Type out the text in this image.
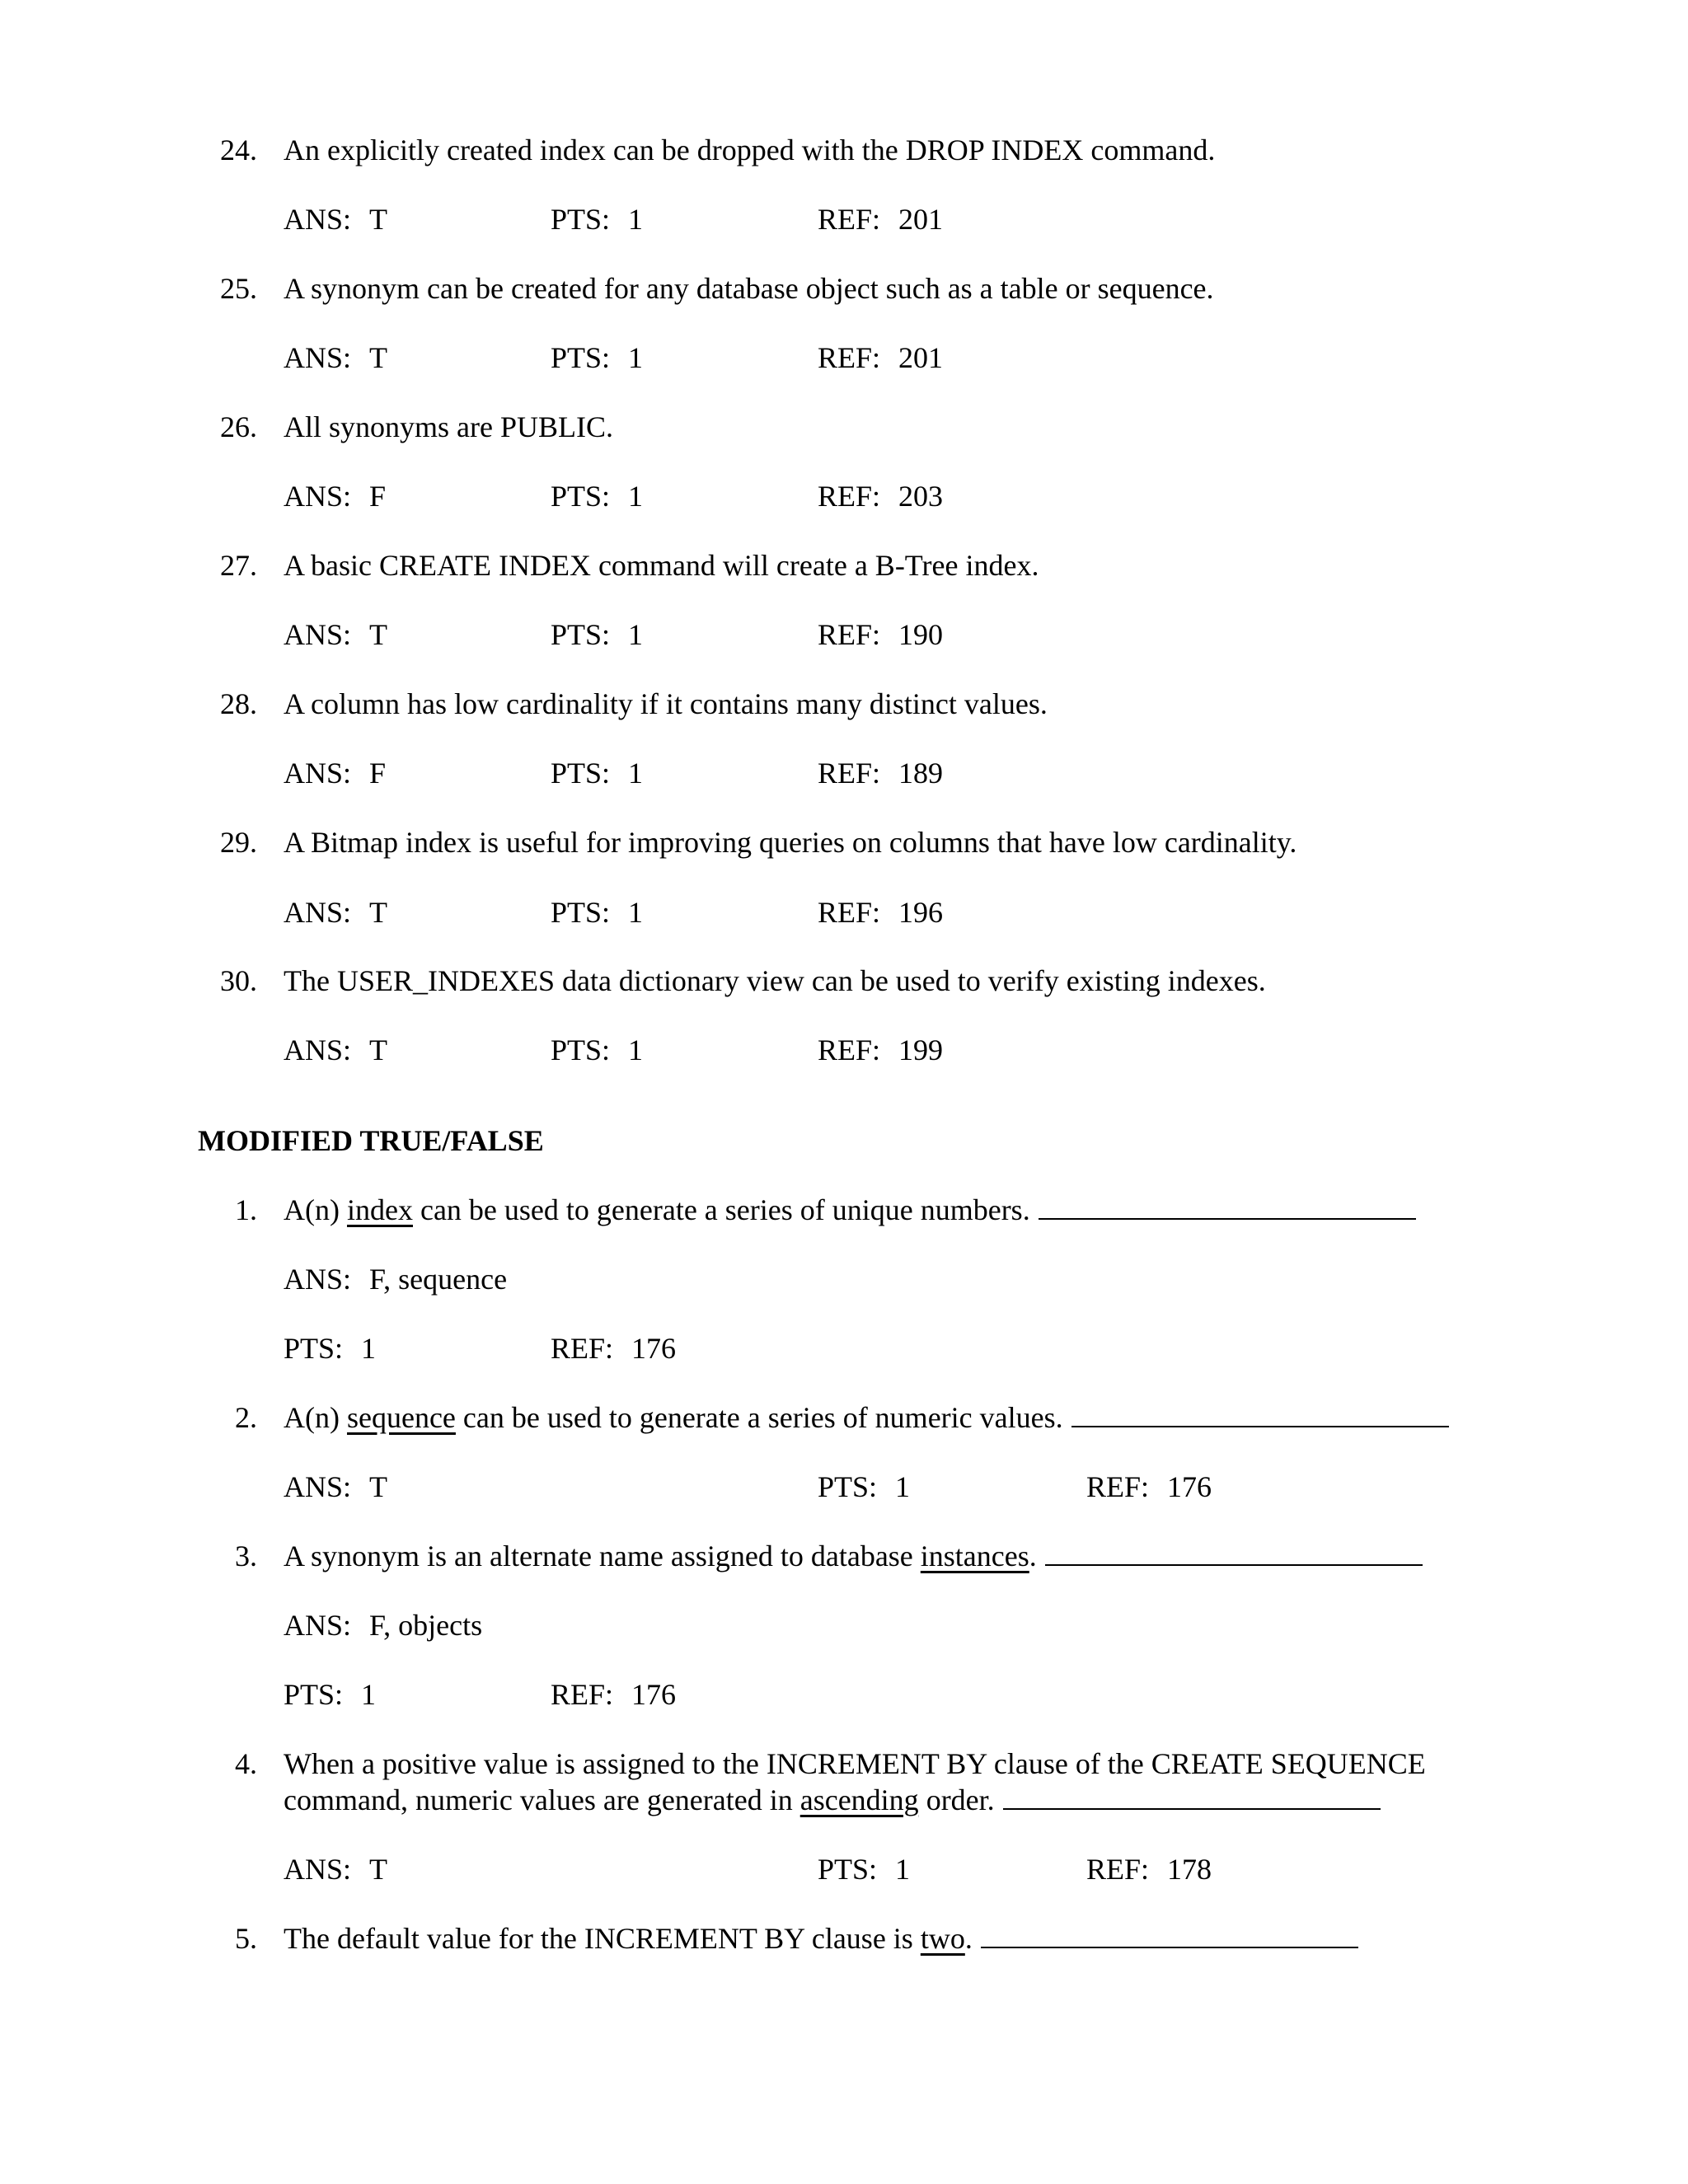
24. An explicitly created index can be dropped with the DROP INDEX command.
ANS: T	PTS: 1	REF: 201
25. A synonym can be created for any database object such as a table or sequence.
ANS: T	PTS: 1	REF: 201
26. All synonyms are PUBLIC.
ANS: F	PTS: 1	REF: 203
27. A basic CREATE INDEX command will create a B-Tree index.
ANS: T	PTS: 1	REF: 190
28. A column has low cardinality if it contains many distinct values.
ANS: F	PTS: 1	REF: 189
29. A Bitmap index is useful for improving queries on columns that have low cardinality.
ANS: T	PTS: 1	REF: 196
30. The USER_INDEXES data dictionary view can be used to verify existing indexes.
ANS: T	PTS: 1	REF: 199
MODIFIED TRUE/FALSE
1. A(n) index can be used to generate a series of unique numbers.
ANS: F, sequence
PTS: 1	REF: 176
2. A(n) sequence can be used to generate a series of numeric values.
ANS: T	PTS: 1	REF: 176
3. A synonym is an alternate name assigned to database instances.
ANS: F, objects
PTS: 1	REF: 176
4. When a positive value is assigned to the INCREMENT BY clause of the CREATE SEQUENCE
command, numeric values are generated in ascending order.
ANS: T	PTS: 1	REF: 178
5. The default value for the INCREMENT BY clause is two.
